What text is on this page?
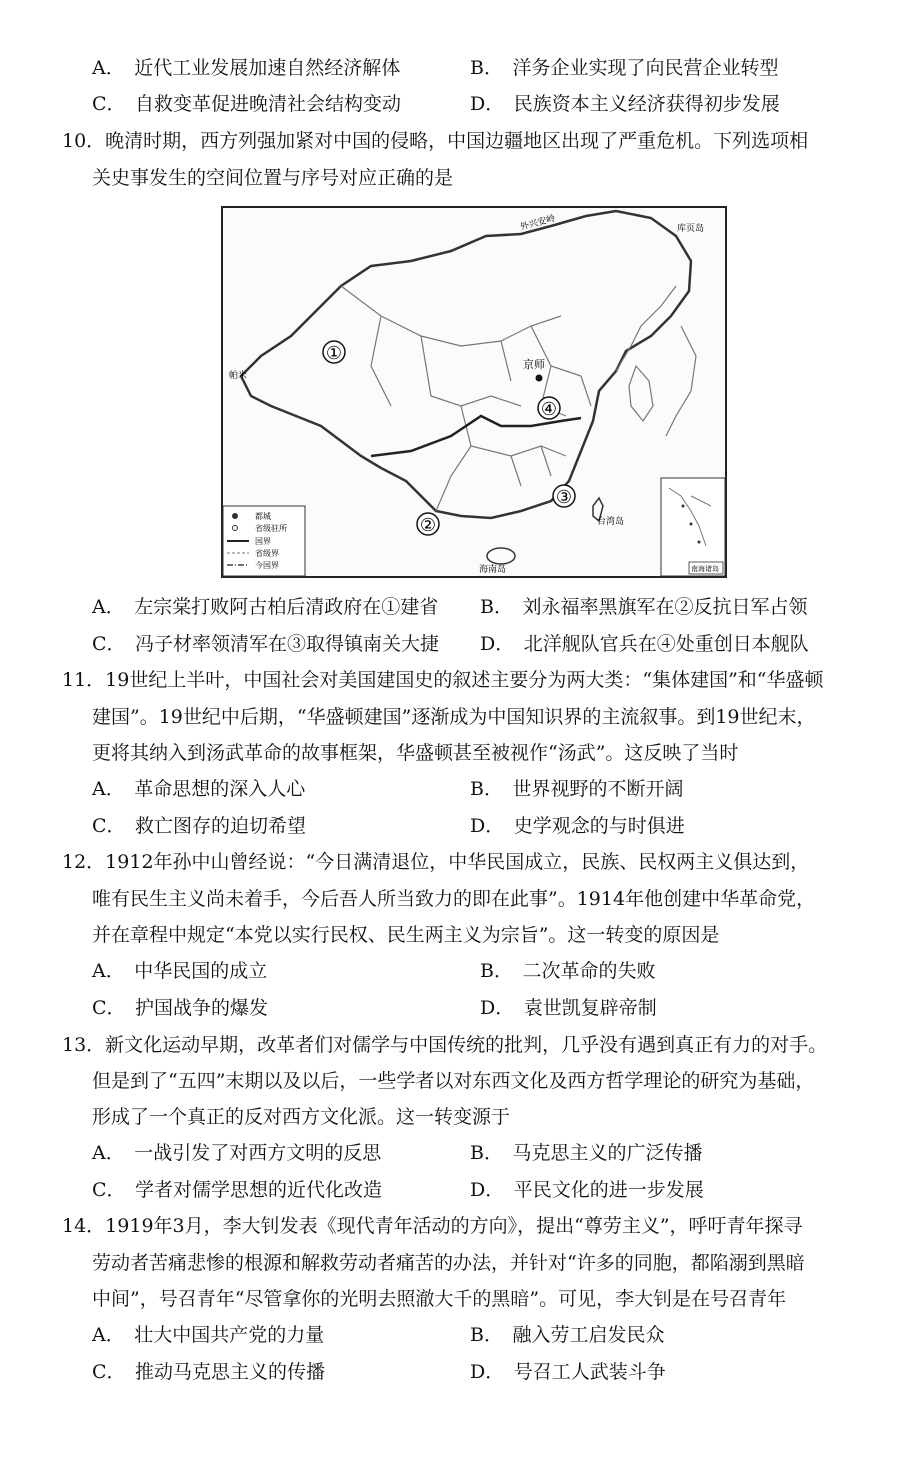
A．　近代工业发展加速自然经济解体	B．　洋务企业实现了向民营企业转型
C．　自救变革促进晚清社会结构变动	D．　民族资本主义经济获得初步发展
10．晚清时期，西方列强加紧对中国的侵略，中国边疆地区出现了严重危机。下列选项相
关史事发生的空间位置与序号对应正确的是
①
②
③
④
京师
帕米
外兴安岭	库页岛
台湾岛
海南岛
都城
省级驻所
国界
省级界
今国界	南海诸岛
A．　左宗棠打败阿古柏后清政府在①建省 B．　刘永福率黑旗军在②反抗日军占领
C．　冯子材率领清军在③取得镇南关大捷 D．　北洋舰队官兵在④处重创日本舰队
11．19世纪上半叶，中国社会对美国建国史的叙述主要分为两大类：“集体建国”和“华盛顿
建国”。19世纪中后期，“华盛顿建国”逐渐成为中国知识界的主流叙事。到19世纪末，
更将其纳入到汤武革命的故事框架，华盛顿甚至被视作“汤武”。这反映了当时
A．　革命思想的深入人心	B．　世界视野的不断开阔
C．　救亡图存的迫切希望	D．　史学观念的与时俱进
12．1912年孙中山曾经说：“今日满清退位，中华民国成立，民族、民权两主义俱达到，
唯有民生主义尚未着手，今后吾人所当致力的即在此事”。1914年他创建中华革命党，
并在章程中规定“本党以实行民权、民生两主义为宗旨”。这一转变的原因是
A．　中华民国的成立	B．　二次革命的失败
C．　护国战争的爆发	D．　袁世凯复辟帝制
13．新文化运动早期，改革者们对儒学与中国传统的批判，几乎没有遇到真正有力的对手。
但是到了“五四”末期以及以后，一些学者以对东西文化及西方哲学理论的研究为基础，
形成了一个真正的反对西方文化派。这一转变源于
A．　一战引发了对西方文明的反思	B．　马克思主义的广泛传播
C．　学者对儒学思想的近代化改造	D．　平民文化的进一步发展
14．1919年3月，李大钊发表《现代青年活动的方向》，提出“尊劳主义”，呼吁青年探寻
劳动者苦痛悲惨的根源和解救劳动者痛苦的办法，并针对“许多的同胞，都陷溺到黑暗
中间”，号召青年“尽管拿你的光明去照澈大千的黑暗”。可见，李大钊是在号召青年
A．　壮大中国共产党的力量	B．　融入劳工启发民众
C．　推动马克思主义的传播	D．　号召工人武装斗争
